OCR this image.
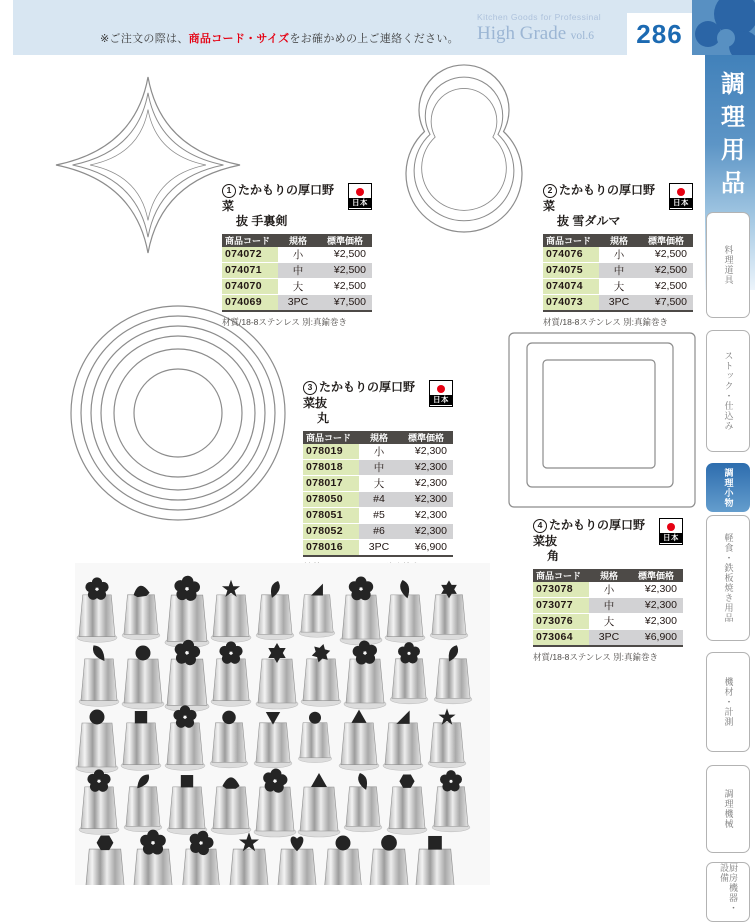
※ご注文の際は、商品コード・サイズをお確かめの上ご連絡ください。
Kitchen Goods for Professinal
High Grade vol.6 286
調理用品
料理道具
ストック・仕込み
調理小物
軽食・鉄板焼き用品
機材・計測
調理機械
厨房機器・設備
1 たかもりの厚口野菜
抜 手裏剣
日本
商品コード	規格	標準価格
074072	小	¥2,500
074071	中	¥2,500
074070	大	¥2,500
074069	3PC	¥7,500
材質/18-8ステンレス 別:真鍮巻き
2 たかもりの厚口野菜
抜 雪ダルマ
日本
商品コード	規格	標準価格
074076	小	¥2,500
074075	中	¥2,500
074074	大	¥2,500
074073	3PC	¥7,500
材質/18-8ステンレス 別:真鍮巻き
3 たかもりの厚口野菜抜
丸
日本
商品コード	規格	標準価格
078019	小	¥2,300
078018	中	¥2,300
078017	大	¥2,300
078050	#4	¥2,300
078051	#5	¥2,300
078052	#6	¥2,300
078016	3PC	¥6,900
4 たかもりの厚口野菜抜
角
日本
商品コード	規格	標準価格
073078	小	¥2,300
073077	中	¥2,300
073076	大	¥2,300
073064	3PC	¥6,900
材質/18-8ステンレス 別:真鍮巻き
